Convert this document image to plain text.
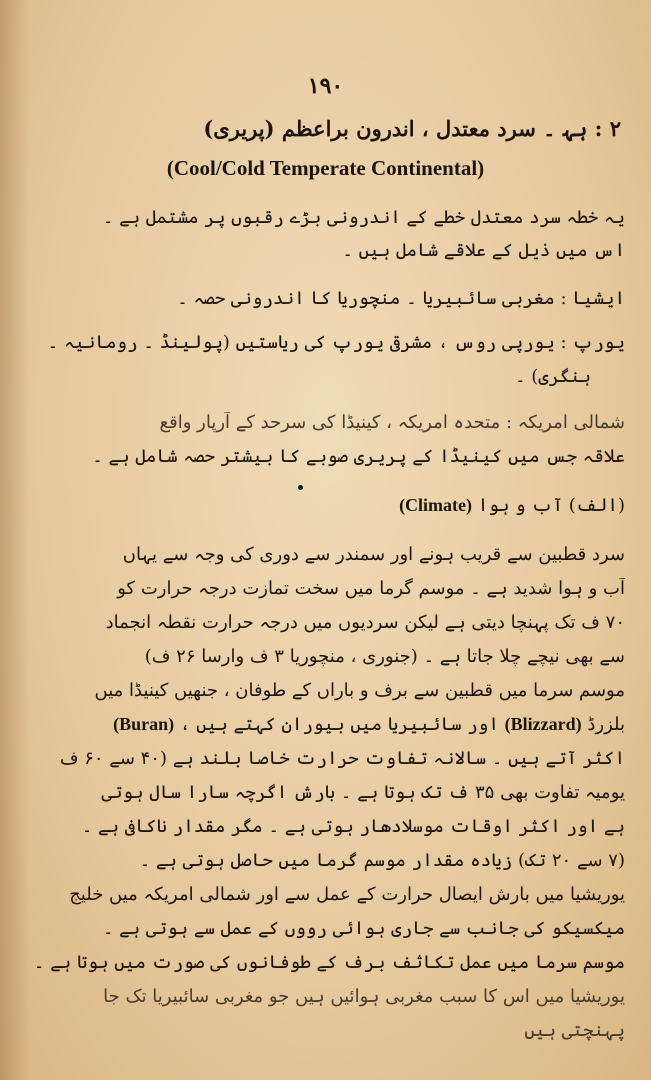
۱۹۰
۲ : ہ‍ہ‍ ۔ سرد معتدل ، اندرون براعظم (پریری)
(Cool/Cold Temperate Continental)
یہ خطہ سرد معتدل خطے کے اندرونی بڑے رقبوں پر مشتمل ہے ۔
اس میں ذیل کے علاقے شامل ہیں ۔
ایشیا : مغربی سائبیریا ۔ منچوریا کا اندرونی حصہ ۔
یورپ : یورپی روس ، مشرقی یورپ کی ریاستیں (پولینڈ ۔ رومانیہ ۔
ہنگری) ۔
شمالی امریکہ : متحدہ امریکہ ، کینیڈا کی سرحد کے آرپار واقع
علاقہ جس میں کینیڈا کے پریری صوبے کا بیشتر حصہ شامل ہے ۔
(الف) آب و ہوا (Climate)
سرد قطبین سے قریب ہونے اور سمندر سے دوری کی وجہ سے یہاں
آب و ہوا شدید ہے ۔ موسم گرما میں سخت تمازت درجہ حرارت کو
۷۰ ف تک پہنچا دیتی ہے لیکن سردیوں میں درجہ حرارت نقطہ انجماد
سے بھی نیچے چلا جاتا ہے ۔ (جنوری ، منچوریا ۳ ف وارسا ۲۶ ف)
موسم سرما میں قطبین سے برف و باراں کے طوفان ، جنھیں کینیڈا میں
بلزرڈ (Blizzard) اور سائبیریا میں بیوران کہتے ہیں ، (Buran)
اکثر آتے ہیں ۔ سالانہ تفاوت حرارت خاصا بلند ہے (۴۰ سے ۶۰ ف
یومیہ تفاوت بھی ۳۵ ف تک ہوتا ہے ۔ بارش اگرچہ سارا سال ہوتی
ہے اور اکثر اوقات موسلادھار ہوتی ہے ۔ مگر مقدار ناکافی ہے ۔
(۷ سے ۲۰ تک) زیادہ مقدار موسم گرما میں حاصل ہوتی ہے ۔
یوریشیا میں بارش ایصال حرارت کے عمل سے اور شمالی امریکہ میں خلیج
میکسیکو کی جانب سے جاری ہوائی رووں کے عمل سے ہوتی ہے ۔
موسم سرما میں عمل تکاثف برف کے طوفانوں کی صورت میں ہوتا ہے ۔
یوریشیا میں اس کا سبب مغربی ہوائیں ہیں جو مغربی سائبیریا تک جا
پہنچتی ہیں
